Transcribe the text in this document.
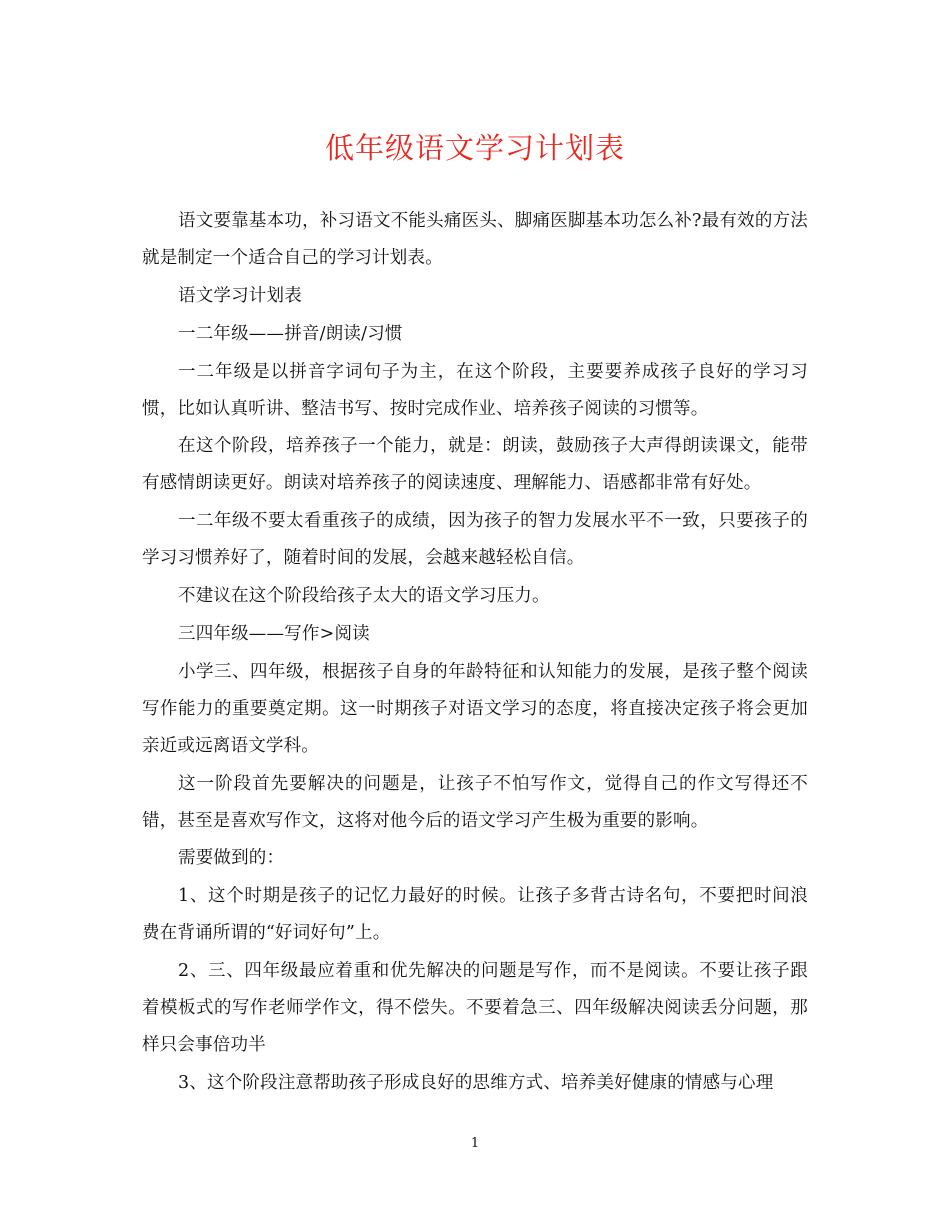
低年级语文学习计划表

语文要靠基本功，补习语文不能头痛医头、脚痛医脚基本功怎么补?最有效的方法就是制定一个适合自己的学习计划表。

语文学习计划表

一二年级——拼音/朗读/习惯

一二年级是以拼音字词句子为主，在这个阶段，主要要养成孩子良好的学习习惯，比如认真听讲、整洁书写、按时完成作业、培养孩子阅读的习惯等。

在这个阶段，培养孩子一个能力，就是：朗读，鼓励孩子大声得朗读课文，能带有感情朗读更好。朗读对培养孩子的阅读速度、理解能力、语感都非常有好处。

一二年级不要太看重孩子的成绩，因为孩子的智力发展水平不一致，只要孩子的学习习惯养好了，随着时间的发展，会越来越轻松自信。

不建议在这个阶段给孩子太大的语文学习压力。

三四年级——写作>阅读

小学三、四年级，根据孩子自身的年龄特征和认知能力的发展，是孩子整个阅读写作能力的重要奠定期。这一时期孩子对语文学习的态度，将直接决定孩子将会更加亲近或远离语文学科。

这一阶段首先要解决的问题是，让孩子不怕写作文，觉得自己的作文写得还不错，甚至是喜欢写作文，这将对他今后的语文学习产生极为重要的影响。

需要做到的：

1、这个时期是孩子的记忆力最好的时候。让孩子多背古诗名句，不要把时间浪费在背诵所谓的“好词好句”上。

2、三、四年级最应着重和优先解决的问题是写作，而不是阅读。不要让孩子跟着模板式的写作老师学作文，得不偿失。不要着急三、四年级解决阅读丢分问题，那样只会事倍功半

3、这个阶段注意帮助孩子形成良好的思维方式、培养美好健康的情感与心理

1
